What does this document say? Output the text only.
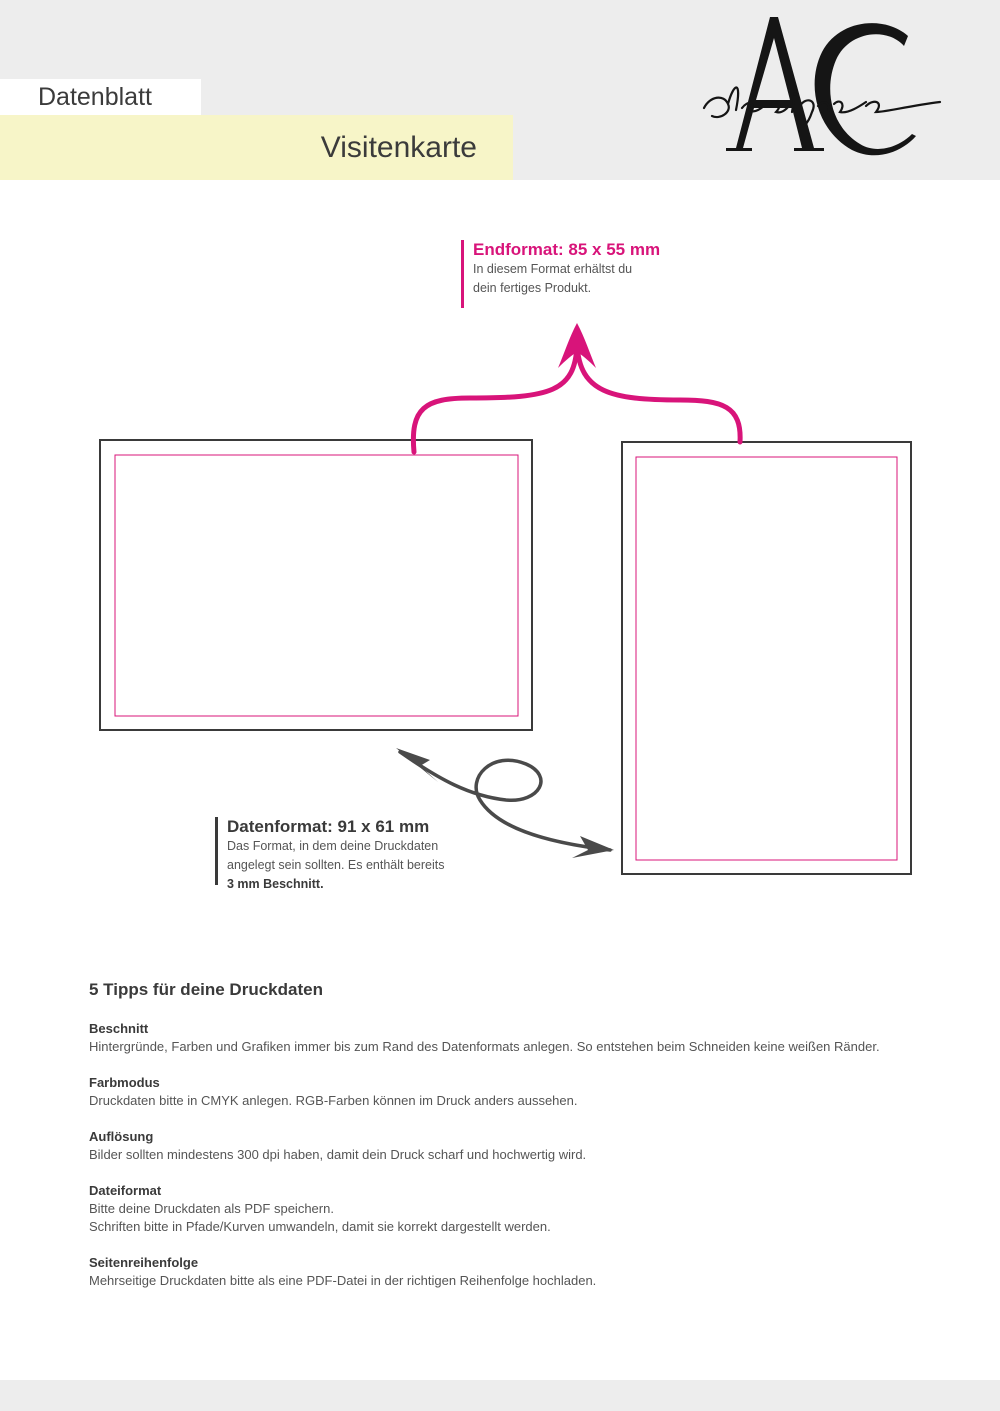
Datenblatt
Visitenkarte
Endformat: 85 x 55 mm
In diesem Format erhältst du
dein fertiges Produkt.
Datenformat: 91 x 61 mm
Das Format, in dem deine Druckdaten
angelegt sein sollten. Es enthält bereits
3 mm Beschnitt.
5 Tipps für deine Druckdaten
Beschnitt
Hintergründe, Farben und Grafiken immer bis zum Rand des Datenformats anlegen. So entstehen beim Schneiden keine weißen Ränder.
Farbmodus
Druckdaten bitte in CMYK anlegen. RGB-Farben können im Druck anders aussehen.
Auflösung
Bilder sollten mindestens 300 dpi haben, damit dein Druck scharf und hochwertig wird.
Dateiformat
Bitte deine Druckdaten als PDF speichern.
Schriften bitte in Pfade/Kurven umwandeln, damit sie korrekt dargestellt werden.
Seitenreihenfolge
Mehrseitige Druckdaten bitte als eine PDF-Datei in der richtigen Reihenfolge hochladen.
